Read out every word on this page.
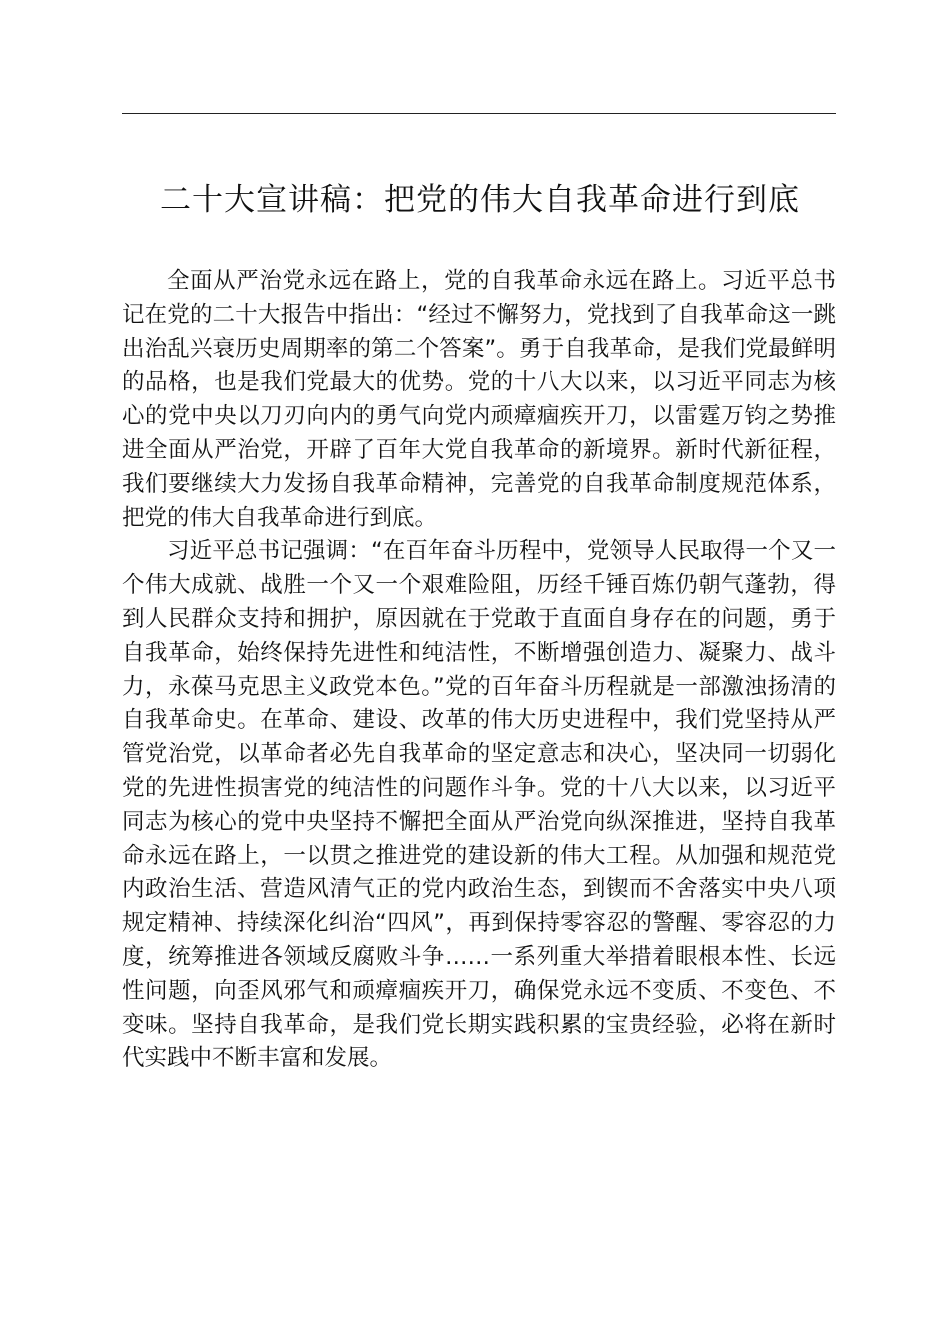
二十大宣讲稿：把党的伟大自我革命进行到底

全面从严治党永远在路上，党的自我革命永远在路上。习近平总书记在党的二十大报告中指出：“经过不懈努力，党找到了自我革命这一跳出治乱兴衰历史周期率的第二个答案”。勇于自我革命，是我们党最鲜明的品格，也是我们党最大的优势。党的十八大以来，以习近平同志为核心的党中央以刀刃向内的勇气向党内顽瘴痼疾开刀，以雷霆万钧之势推进全面从严治党，开辟了百年大党自我革命的新境界。新时代新征程，我们要继续大力发扬自我革命精神，完善党的自我革命制度规范体系，把党的伟大自我革命进行到底。

习近平总书记强调：“在百年奋斗历程中，党领导人民取得一个又一个伟大成就、战胜一个又一个艰难险阻，历经千锤百炼仍朝气蓬勃，得到人民群众支持和拥护，原因就在于党敢于直面自身存在的问题，勇于自我革命，始终保持先进性和纯洁性，不断增强创造力、凝聚力、战斗力，永葆马克思主义政党本色。”党的百年奋斗历程就是一部激浊扬清的自我革命史。在革命、建设、改革的伟大历史进程中，我们党坚持从严管党治党，以革命者必先自我革命的坚定意志和决心，坚决同一切弱化党的先进性损害党的纯洁性的问题作斗争。党的十八大以来，以习近平同志为核心的党中央坚持不懈把全面从严治党向纵深推进，坚持自我革命永远在路上，一以贯之推进党的建设新的伟大工程。从加强和规范党内政治生活、营造风清气正的党内政治生态，到锲而不舍落实中央八项规定精神、持续深化纠治“四风”，再到保持零容忍的警醒、零容忍的力度，统筹推进各领域反腐败斗争……一系列重大举措着眼根本性、长远性问题，向歪风邪气和顽瘴痼疾开刀，确保党永远不变质、不变色、不变味。坚持自我革命，是我们党长期实践积累的宝贵经验，必将在新时代实践中不断丰富和发展。
